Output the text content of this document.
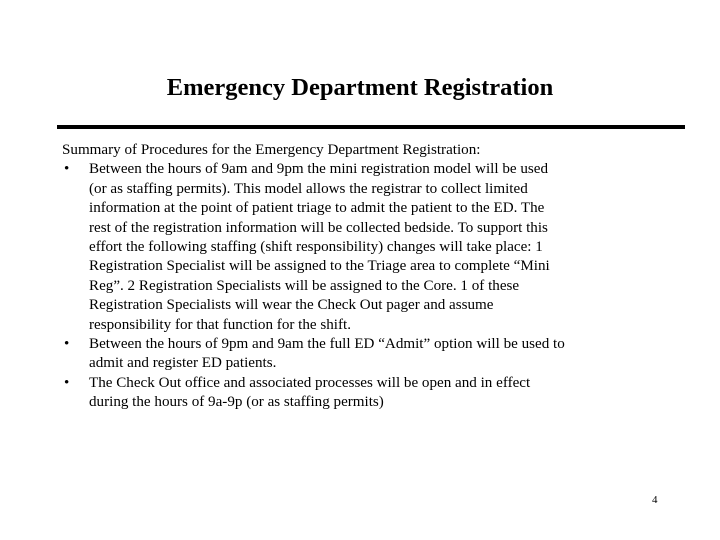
Emergency Department Registration
Summary of Procedures for the Emergency Department Registration:
• Between the hours of 9am and 9pm the mini registration model will be used
(or as staffing permits). This model allows the registrar to collect limited
information at the point of patient triage to admit the patient to the ED. The
rest of the registration information will be collected bedside. To support this
effort the following staffing (shift responsibility) changes will take place: 1
Registration Specialist will be assigned to the Triage area to complete “Mini
Reg”. 2 Registration Specialists will be assigned to the Core. 1 of these
Registration Specialists will wear the Check Out pager and assume
responsibility for that function for the shift.
• Between the hours of 9pm and 9am the full ED “Admit” option will be used to
admit and register ED patients.
• The Check Out office and associated processes will be open and in effect
during the hours of 9a-9p (or as staffing permits)
4
